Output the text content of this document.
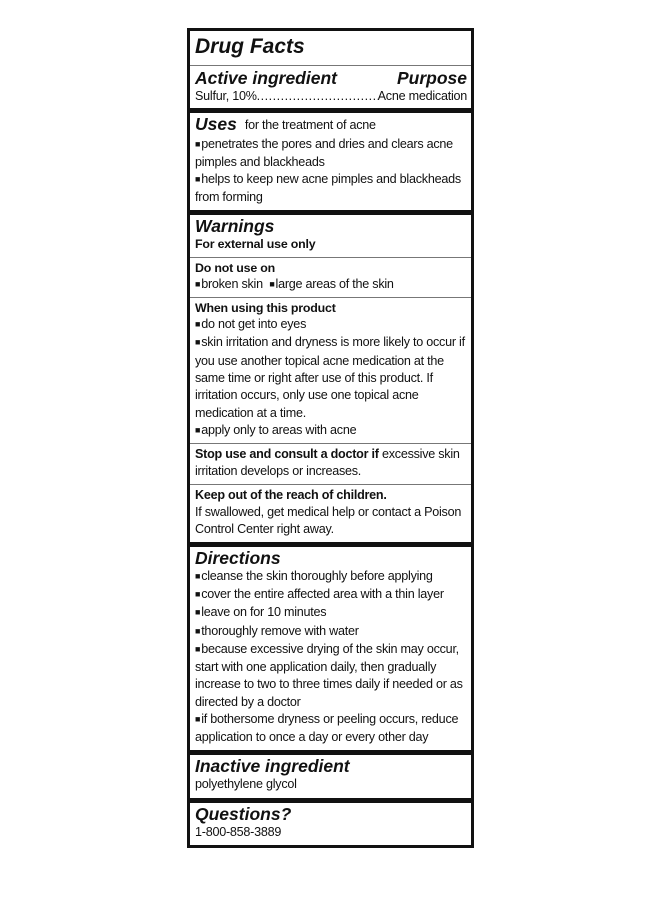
Drug Facts

Active ingredient	Purpose

Sulfur, 10% .....	Acne medication

Uses for the treatment of acne

■ penetrates the pores and dries and clears acne pimples and blackheads

■ helps to keep new acne pimples and blackheads from forming

Warnings

For external use only

Do not use on

■ broken skin ■ large areas of the skin

When using this product

■ do not get into eyes

■ skin irritation and dryness is more likely to occur if you use another topical acne medication at the same time or right after use of this product. If irritation occurs, only use one topical acne medication at a time.

■ apply only to areas with acne

Stop use and consult a doctor if excessive skin irritation develops or increases.

Keep out of the reach of children.

If swallowed, get medical help or contact a Poison Control Center right away.

Directions

■ cleanse the skin thoroughly before applying

■ cover the entire affected area with a thin layer

■ leave on for 10 minutes

■ thoroughly remove with water

■ because excessive drying of the skin may occur, start with one application daily, then gradually increase to two to three times daily if needed or as directed by a doctor

■ if bothersome dryness or peeling occurs, reduce application to once a day or every other day

Inactive ingredient

polyethylene glycol

Questions?

1-800-858-3889
